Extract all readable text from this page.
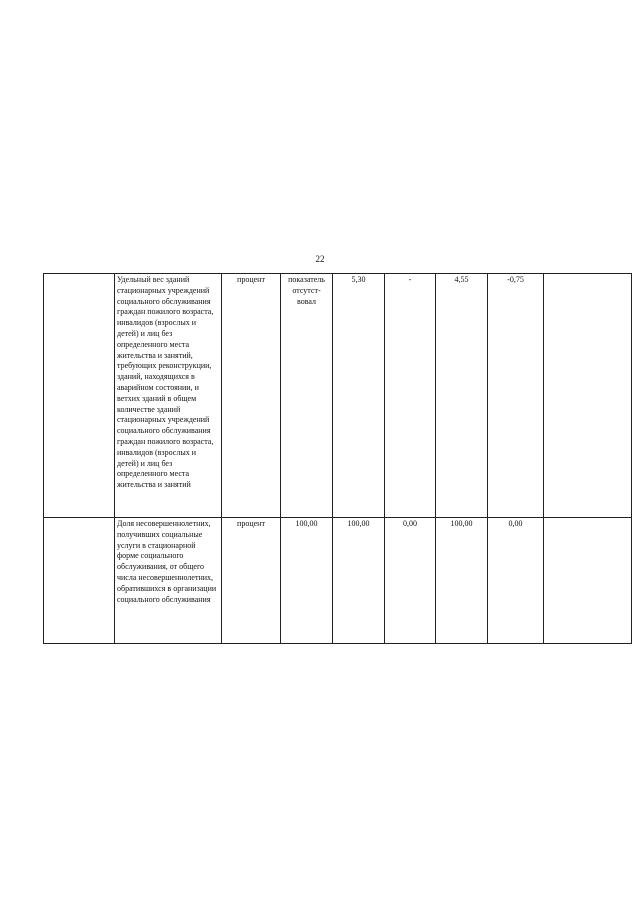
22
	Удельный вес зданий стационарных учреждений социального обслуживания граждан пожилого возраста, инвалидов (взрослых и детей) и лиц без определенного места жительства и занятий, требующих реконструкции, зданий, находящихся в аварийном состоянии, и ветхих зданий в общем количестве зданий стационарных учреждений социального обслуживания граждан пожилого возраста, инвалидов (взрослых и детей) и лиц без определенного места жительства и занятий	процент	показатель отсутст-вовал	5,30	-	4,55	-0,75	
	Доля несовершеннолетних, получивших социальные услуги в стационарной форме социального обслуживания, от общего числа несовершеннолетних, обратившихся в организации социального обслуживания	процент	100,00	100,00	0,00	100,00	0,00	
